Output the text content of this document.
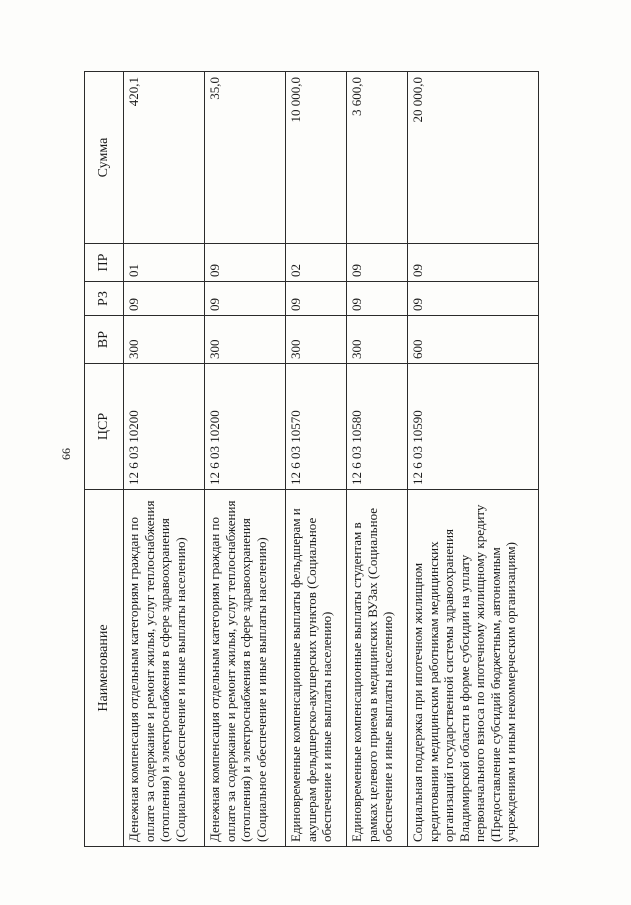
66
Наименование	ЦСР	ВР	РЗ	ПР	Сумма
Денежная компенсация отдельным категориям граждан по оплате за содержание и ремонт жилья, услуг теплоснабжения (отопления) и электроснабжения в сфере здравоохранения (Социальное обеспечение и иные выплаты населению)	12 6 03 10200	300	09	01	420,1
Денежная компенсация отдельным категориям граждан по оплате за содержание и ремонт жилья, услуг теплоснабжения (отопления) и электроснабжения в сфере здравоохранения (Социальное обеспечение и иные выплаты населению)	12 6 03 10200	300	09	09	35,0
Единовременные компенсационные выплаты фельдшерам и акушерам фельдшерско-акушерских пунктов (Социальное обеспечение и иные выплаты населению)	12 6 03 10570	300	09	02	10 000,0
Единовременные компенсационные выплаты студентам в рамках целевого приема в медицинских ВУЗах (Социальное обеспечение и иные выплаты населению)	12 6 03 10580	300	09	09	3 600,0
Социальная поддержка при ипотечном жилищном кредитовании медицинским работникам медицинских организаций государственной системы здравоохранения Владимирской области в форме субсидии на уплату первоначального взноса по ипотечному жилищному кредиту (Предоставление субсидий бюджетным, автономным учреждениям и иным некоммерческим организациям)	12 6 03 10590	600	09	09	20 000,0
